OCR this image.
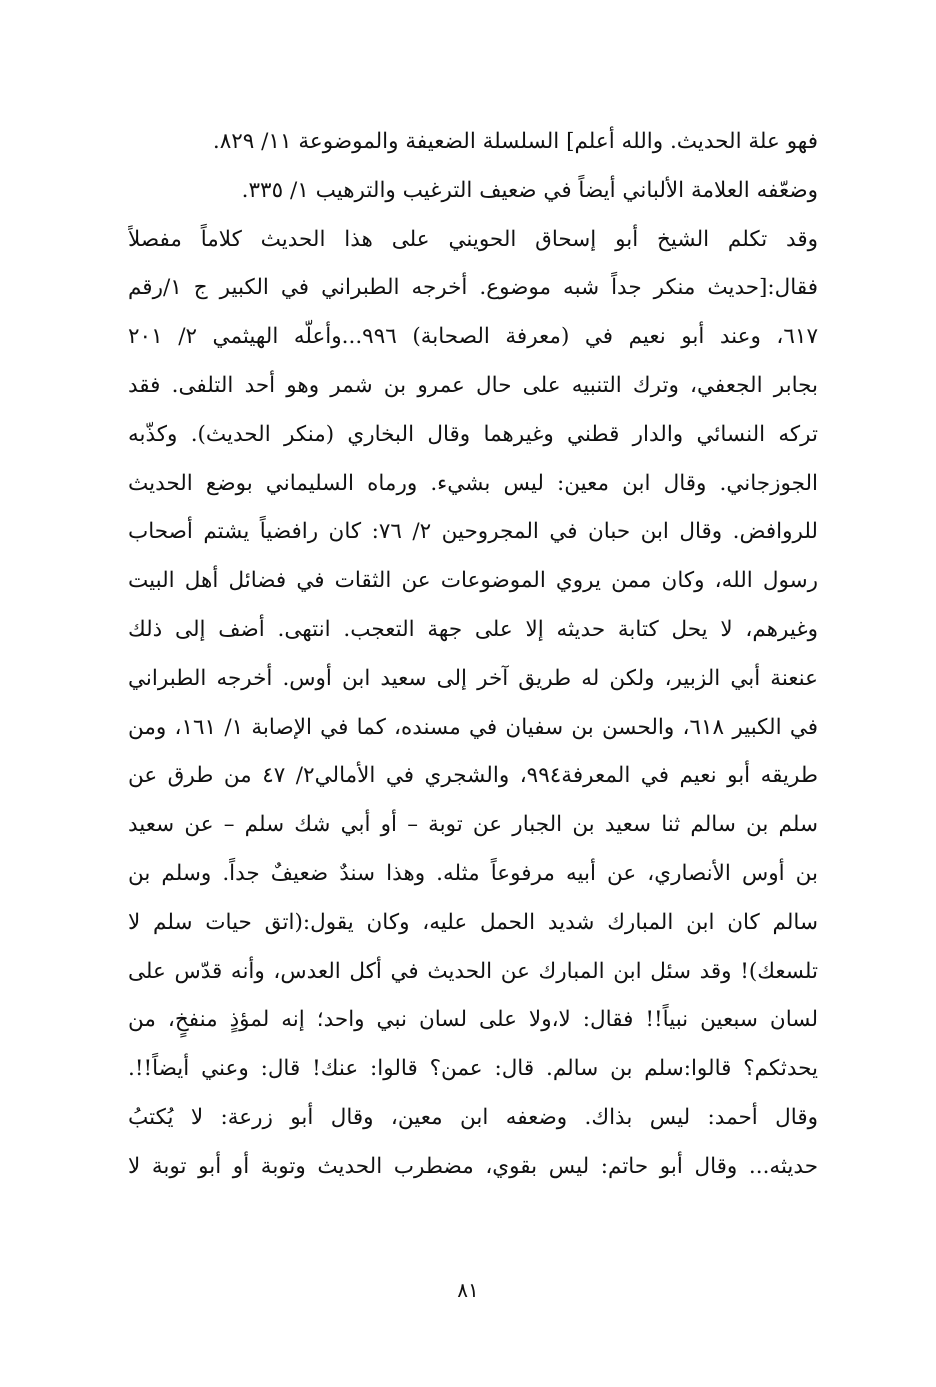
فهو علة الحديث. والله أعلم] السلسلة الضعيفة والموضوعة ١١/ ٨٢٩.
وضعّفه العلامة الألباني أيضاً في ضعيف الترغيب والترهيب ١/ ٣٣٥.
وقد تكلم الشيخ أبو إسحاق الحويني على هذا الحديث كلاماً مفصلاً
فقال:[حديث منكر جداً شبه موضوع. أخرجه الطبراني في الكبير ج ١/رقم
٦١٧، وعند أبو نعيم في (معرفة الصحابة) ٩٩٦...وأعلّه الهيثمي ٢/ ٢٠١
بجابر الجعفي، وترك التنبيه على حال عمرو بن شمر وهو أحد التلفى. فقد
تركه النسائي والدار قطني وغيرهما وقال البخاري (منكر الحديث). وكذّبه
الجوزجاني. وقال ابن معين: ليس بشيء. ورماه السليماني بوضع الحديث
للروافض. وقال ابن حبان في المجروحين ٢/ ٧٦: كان رافضياً يشتم أصحاب
رسول الله، وكان ممن يروي الموضوعات عن الثقات في فضائل أهل البيت
وغيرهم، لا يحل كتابة حديثه إلا على جهة التعجب. انتهى. أضف إلى ذلك
عنعنة أبي الزبير، ولكن له طريق آخر إلى سعيد ابن أوس. أخرجه الطبراني
في الكبير ٦١٨، والحسن بن سفيان في مسنده، كما في الإصابة ١/ ١٦١، ومن
طريقه أبو نعيم في المعرفة٩٩٤، والشجري في الأمالي٢/ ٤٧ من طرق عن
سلم بن سالم ثنا سعيد بن الجبار عن توبة – أو أبي شك سلم – عن سعيد
بن أوس الأنصاري، عن أبيه مرفوعاً مثله. وهذا سندٌ ضعيفٌ جداً. وسلم بن
سالم كان ابن المبارك شديد الحمل عليه، وكان يقول:(اتق حيات سلم لا
تلسعك)! وقد سئل ابن المبارك عن الحديث في أكل العدس، وأنه قدّس على
لسان سبعين نبياً!! فقال: لا،ولا على لسان نبي واحد؛ إنه لمؤذٍ منفخٍ، من
يحدثكم؟ قالوا:سلم بن سالم. قال: عمن؟ قالوا: عنك! قال: وعني أيضاً!!.
وقال أحمد: ليس بذاك. وضعفه ابن معين، وقال أبو زرعة: لا يُكتبُ
حديثه... وقال أبو حاتم: ليس بقوي، مضطرب الحديث وتوبة أو أبو توبة لا
٨١
